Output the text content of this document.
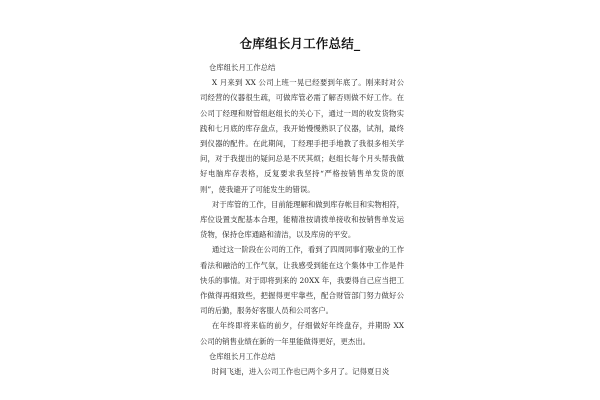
仓库组长月工作总结_

仓库组长月工作总结

X 月来到 XX 公司上班一晃已经要到年底了。刚来时对公司经营的仪器很生疏，可做库管必需了解否则做不好工作。在公司丁经理和财管组赵组长的关心下，通过一周的收发货物实践和七月底的库存盘点，我开始慢慢熟识了仪器，试剂，最终到仪器的配件。在此期间，丁经理手把手地教了我很多相关学问，对于我提出的疑问总是不厌其烦；赵组长每个月头帮我做好电脑库存表格，反复要求我坚持“严格按销售单发货的原则”，使我避开了可能发生的错误。

对于库管的工作，目前能理解和做到库存帐目和实物相符，库位设置支配基本合理，能精准按请拨单接收和按销售单发运货物，保持仓库通路和清洁，以及库房的平安。

通过这一阶段在公司的工作，看到了四周同事们敬业的工作看法和融洽的工作气氛，让我感受到能在这个集体中工作是件快乐的事情。对于即将到来的 20XX 年，我要得自己应当把工作做得再细致些，把握得更牢靠些，配合财管部门努力做好公司的后勤，服务好客服人员和公司客户。

在年终即将来临的前夕，仔细做好年终盘存，并期盼 XX 公司的销售业绩在新的一年里能做得更好，更杰出。

仓库组长月工作总结

时间飞逝，进入公司工作也已两个多月了。记得夏日炎
